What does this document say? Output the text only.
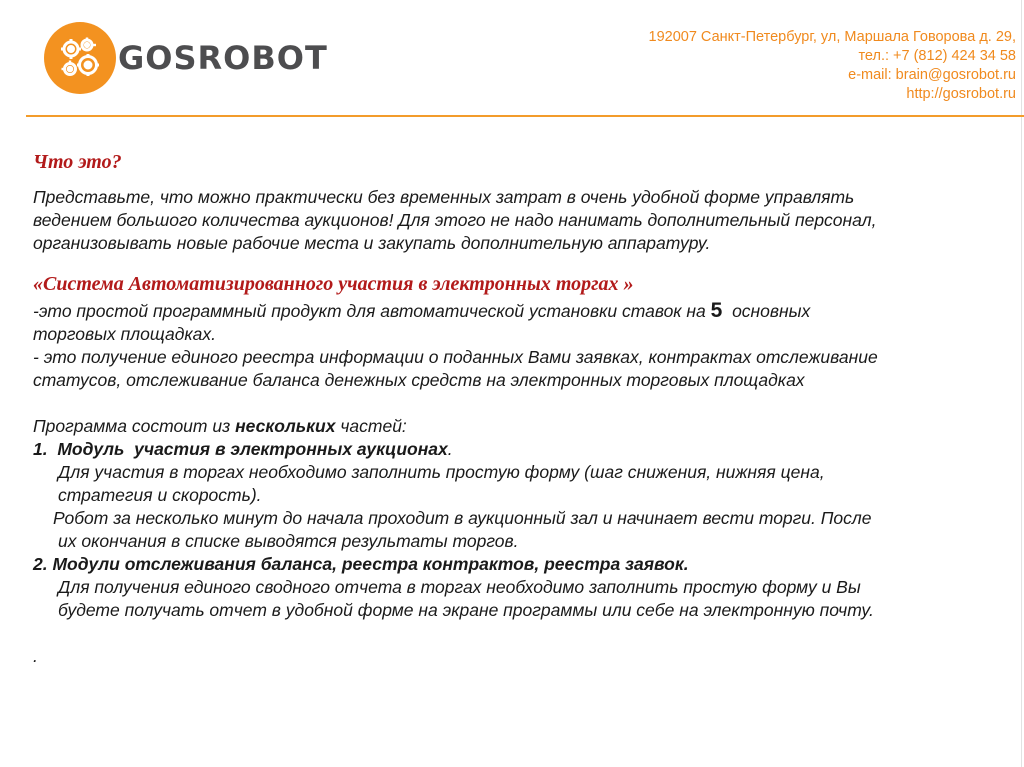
GOSROBOT
192007 Санкт-Петербург, ул, Маршала Говорова д. 29,
тел.: +7 (812) 424 34 58
e-mail: brain@gosrobot.ru
http://gosrobot.ru
Что это?
Представьте, что можно практически без временных затрат в очень удобной форме управлять
ведением большого количества аукционов! Для этого не надо нанимать дополнительный персонал,
организовывать новые рабочие места и закупать дополнительную аппаратуру.
«Система Автоматизированного участия в электронных торгах »
-это простой программный продукт для автоматической установки ставок на 5  основных
торговых площадках.
- это получение единого реестра информации о поданных Вами заявках, контрактах отслеживание
статусов, отслеживание баланса денежных средств на электронных торговых площадках
Программа состоит из нескольких частей:
1.  Модуль  участия в электронных аукционах.
Для участия в торгах необходимо заполнить простую форму (шаг снижения, нижняя цена,
стратегия и скорость).
Робот за несколько минут до начала проходит в аукционный зал и начинает вести торги. После
их окончания в списке выводятся результаты торгов.
2. Модули отслеживания баланса, реестра контрактов, реестра заявок.
Для получения единого сводного отчета в торгах необходимо заполнить простую форму и Вы
будете получать отчет в удобной форме на экране программы или себе на электронную почту.
.
